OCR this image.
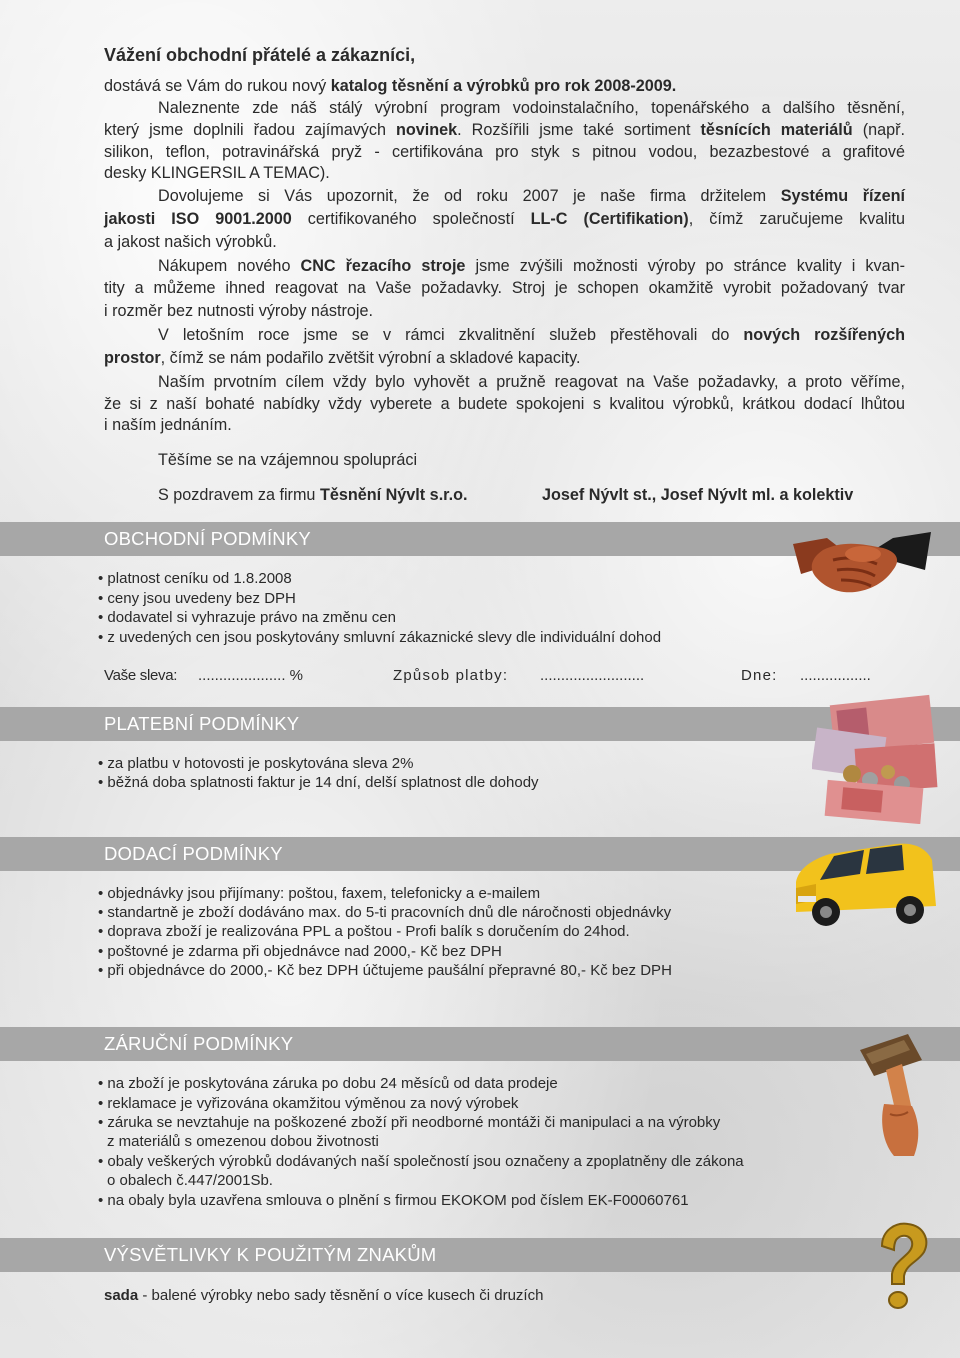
Vážení obchodní přátelé a zákazníci,
dostává se Vám do rukou nový katalog těsnění a výrobků pro rok 2008-2009.
Naleznente zde náš stálý výrobní program vodoinstalačního, topenářského a dalšího těsnění,
který jsme doplnili řadou zajímavých novinek. Rozšířili jsme také sortiment těsnících materiálů (např.
silikon, teflon, potravinářská pryž - certifikována pro styk s pitnou vodou, bezazbestové a grafitové
desky KLINGERSIL A TEMAC).
Dovolujeme si Vás upozornit, že od roku 2007 je naše firma držitelem Systému řízení
jakosti ISO 9001.2000 certifikovaného společností LL-C (Certifikation), čímž zaručujeme kvalitu
a jakost našich výrobků.
Nákupem nového CNC řezacího stroje jsme zvýšili možnosti výroby po stránce kvality i kvan-
tity a můžeme ihned reagovat na Vaše požadavky. Stroj je schopen okamžitě vyrobit požadovaný tvar
i rozměr bez nutnosti výroby nástroje.
V letošním roce jsme se v rámci zkvalitnění služeb přestěhovali do nových rozšířených
prostor, čímž se nám podařilo zvětšit výrobní a skladové kapacity.
Naším prvotním cílem vždy bylo vyhovět a pružně reagovat na Vaše požadavky, a proto věříme,
že si z naší bohaté nabídky vždy vyberete a budete spokojeni s kvalitou výrobků, krátkou dodací lhůtou
i naším jednáním.
Těšíme se na vzájemnou spolupráci
S pozdravem za firmu Těsnění Nývlt s.r.o.	Josef Nývlt st., Josef Nývlt ml. a kolektiv
OBCHODNÍ PODMÍNKY
• platnost ceníku od 1.8.2008
• ceny jsou uvedeny bez DPH
• dodavatel si vyhrazuje právo na změnu cen
• z uvedených cen jsou poskytovány smluvní zákaznické slevy dle individuální dohod
Vaše sleva: ..................... %	Způsob platby: .........................	Dne: .................
PLATEBNÍ PODMÍNKY
• za platbu v hotovosti je poskytována sleva 2%
• běžná doba splatnosti faktur je 14 dní, delší splatnost dle dohody
DODACÍ PODMÍNKY
• objednávky jsou přijímany: poštou, faxem, telefonicky a e-mailem
• standartně je zboží dodáváno max. do 5-ti pracovních dnů dle náročnosti objednávky
• doprava zboží je realizována PPL a poštou - Profi balík s doručením do 24hod.
• poštovné je zdarma při objednávce nad 2000,- Kč bez DPH
• při objednávce do 2000,- Kč bez DPH účtujeme paušální přepravné 80,- Kč bez DPH
ZÁRUČNÍ PODMÍNKY
• na zboží je poskytována záruka po dobu 24 měsíců od data prodeje
• reklamace je vyřizována okamžitou výměnou za nový výrobek
• záruka se nevztahuje na poškozené zboží při neodborné montáži či manipulaci a na výrobky
z materiálů s omezenou dobou životnosti
• obaly veškerých výrobků dodávaných naší společností jsou označeny a zpoplatněny dle zákona
o obalech č.447/2001Sb.
• na obaly byla uzavřena smlouva o plnění s firmou EKOKOM pod číslem EK-F00060761
VÝSVĚTLIVKY K POUŽITÝM ZNAKŮM
sada - balené výrobky nebo sady těsnění o více kusech či druzích
